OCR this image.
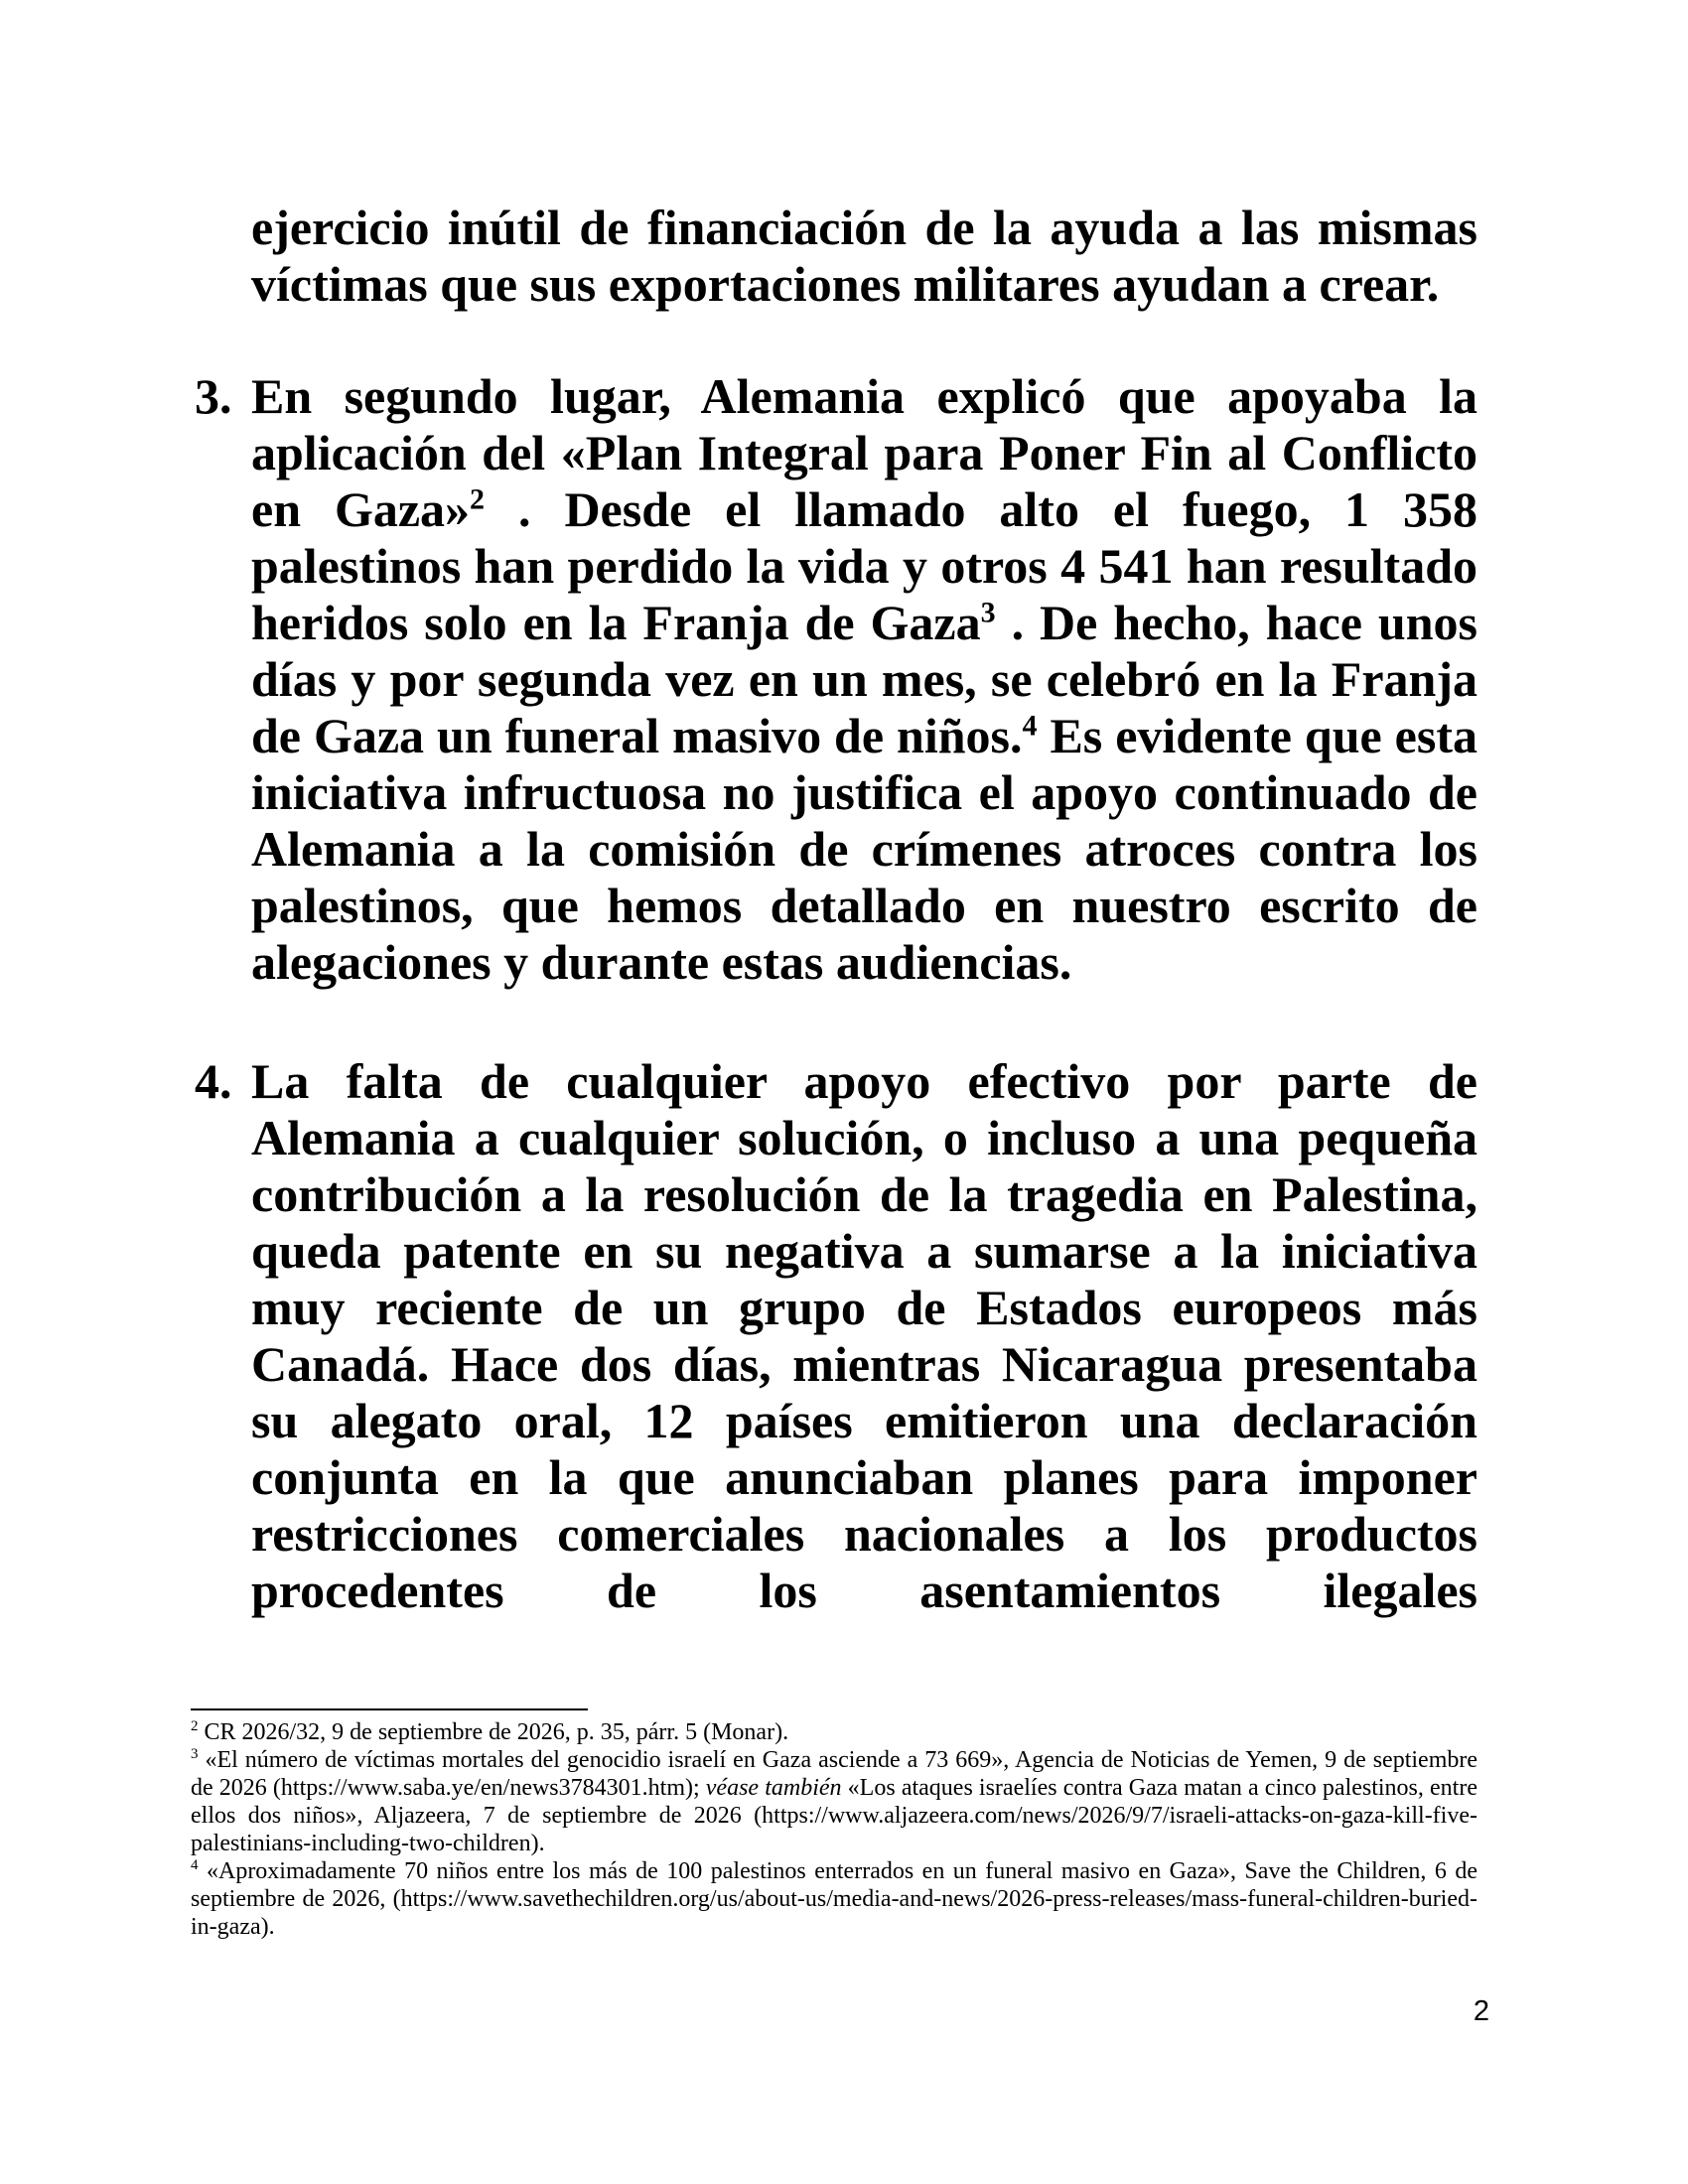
ejercicio inútil de financiación de la ayuda a las mismas víctimas que sus exportaciones militares ayudan a crear.

3. En segundo lugar, Alemania explicó que apoyaba la aplicación del «Plan Integral para Poner Fin al Conflicto en Gaza»$^2$ . Desde el llamado alto el fuego, 1 358 palestinos han perdido la vida y otros 4 541 han resultado heridos solo en la Franja de Gaza$^3$ . De hecho, hace unos días y por segunda vez en un mes, se celebró en la Franja de Gaza un funeral masivo de niños.$^4$ Es evidente que esta iniciativa infructuosa no justifica el apoyo continuado de Alemania a la comisión de crímenes atroces contra los palestinos, que hemos detallado en nuestro escrito de alegaciones y durante estas audiencias.

4. La falta de cualquier apoyo efectivo por parte de Alemania a cualquier solución, o incluso a una pequeña contribución a la resolución de la tragedia en Palestina, queda patente en su negativa a sumarse a la iniciativa muy reciente de un grupo de Estados europeos más Canadá. Hace dos días, mientras Nicaragua presentaba su alegato oral, 12 países emitieron una declaración conjunta en la que anunciaban planes para imponer restricciones comerciales nacionales a los productos procedentes de los asentamientos ilegales

$^2$ CR 2026/32, 9 de septiembre de 2026, p. 35, párr. 5 (Monar).

$^3$ «El número de víctimas mortales del genocidio israelí en Gaza asciende a 73 669», Agencia de Noticias de Yemen, 9 de septiembre de 2026 (https://www.saba.ye/en/news3784301.htm); véase también «Los ataques israelíes contra Gaza matan a cinco palestinos, entre ellos dos niños», Aljazeera, 7 de septiembre de 2026 (https://www.aljazeera.com/news/2026/9/7/israeli-attacks-on-gaza-kill-five-palestinians-including-two-children).

$^4$ «Aproximadamente 70 niños entre los más de 100 palestinos enterrados en un funeral masivo en Gaza», Save the Children, 6 de septiembre de 2026, (https://www.savethechildren.org/us/about-us/media-and-news/2026-press-releases/mass-funeral-children-buried-in-gaza).

2
